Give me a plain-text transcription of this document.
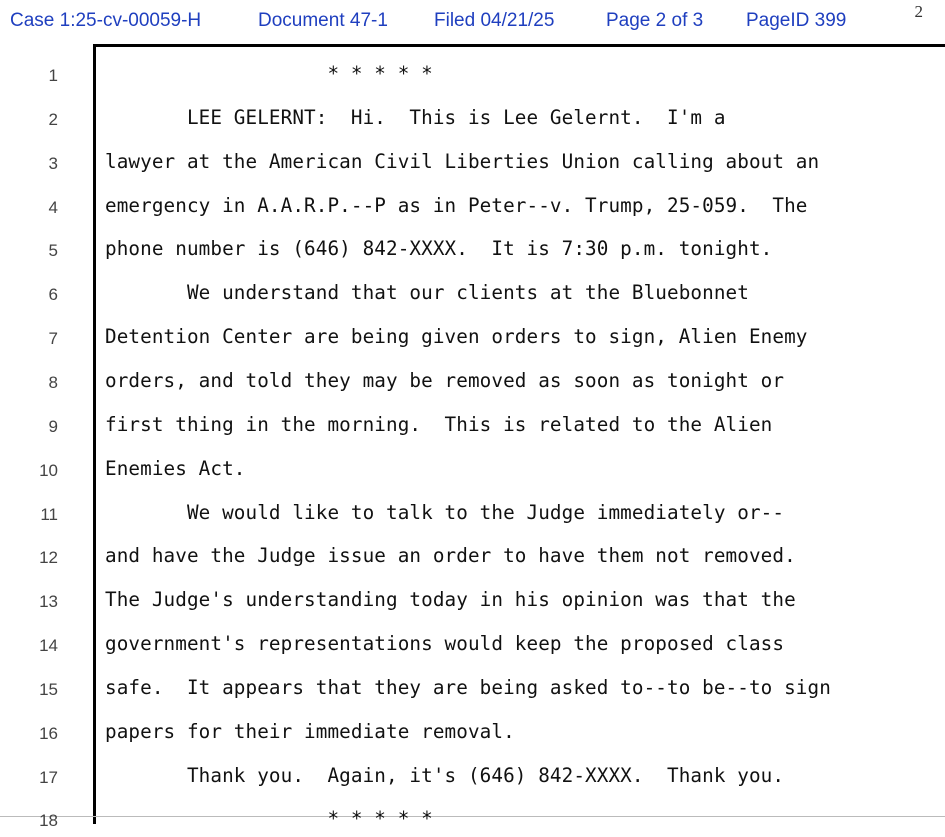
Case 1:25-cv-00059-H	Document 47-1 Filed 04/21/25	Page 2 of 3 PageID 399	2
1 * * * * *
2 LEE GELERNT:  Hi.  This is Lee Gelernt.  I'm a
3 lawyer at the American Civil Liberties Union calling about an
4 emergency in A.A.R.P.--P as in Peter--v. Trump, 25-059.  The
5 phone number is (646) 842-XXXX.  It is 7:30 p.m. tonight.
6 We understand that our clients at the Bluebonnet
7 Detention Center are being given orders to sign, Alien Enemy
8 orders, and told they may be removed as soon as tonight or
9 first thing in the morning.  This is related to the Alien
10 Enemies Act.
11 We would like to talk to the Judge immediately or--
12 and have the Judge issue an order to have them not removed.
13 The Judge's understanding today in his opinion was that the
14 government's representations would keep the proposed class
15 safe.  It appears that they are being asked to--to be--to sign
16 papers for their immediate removal.
17 Thank you.  Again, it's (646) 842-XXXX.  Thank you.
18 * * * * *
